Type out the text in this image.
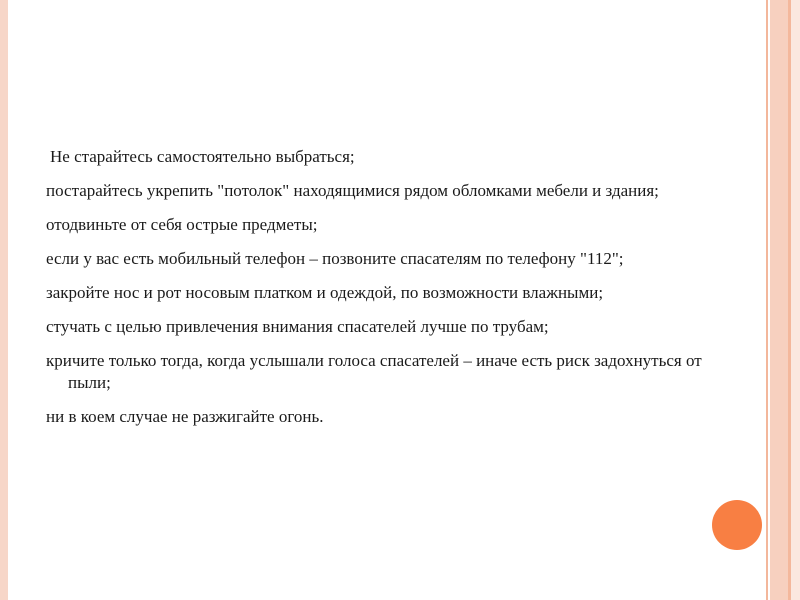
Не старайтесь самостоятельно выбраться;

постарайтесь укрепить "потолок" находящимися рядом обломками мебели и здания;

отодвиньте от себя острые предметы;

если у вас есть мобильный телефон – позвоните спасателям по телефону "112";

закройте нос и рот носовым платком и одеждой, по возможности влажными;

стучать с целью привлечения внимания спасателей лучше по трубам;

кричите только тогда, когда услышали голоса спасателей – иначе есть риск задохнуться от пыли;

ни в коем случае не разжигайте огонь.
